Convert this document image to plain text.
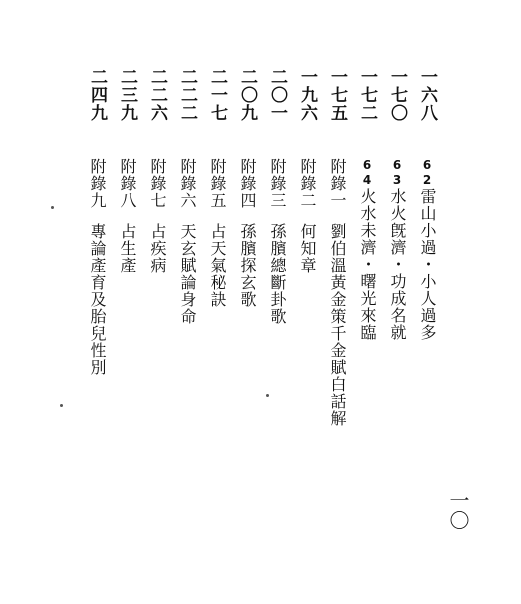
一六八
62雷山小過・小人過多
一七〇
63水火旣濟・功成名就
一七二
64火水未濟・曙光來臨
一七五
附錄一劉伯溫黃金策千金賦白話解
一九六
附錄二何知章
二〇一
附錄三孫臏總斷卦歌
二〇九
附錄四孫臏探玄歌
二一七
附錄五占天氣秘訣
二二二
附錄六天玄賦論身命
二二六
附錄七占疾病
二三九
附錄八占生產
二四九
附錄九專論產育及胎兒性別
一〇
